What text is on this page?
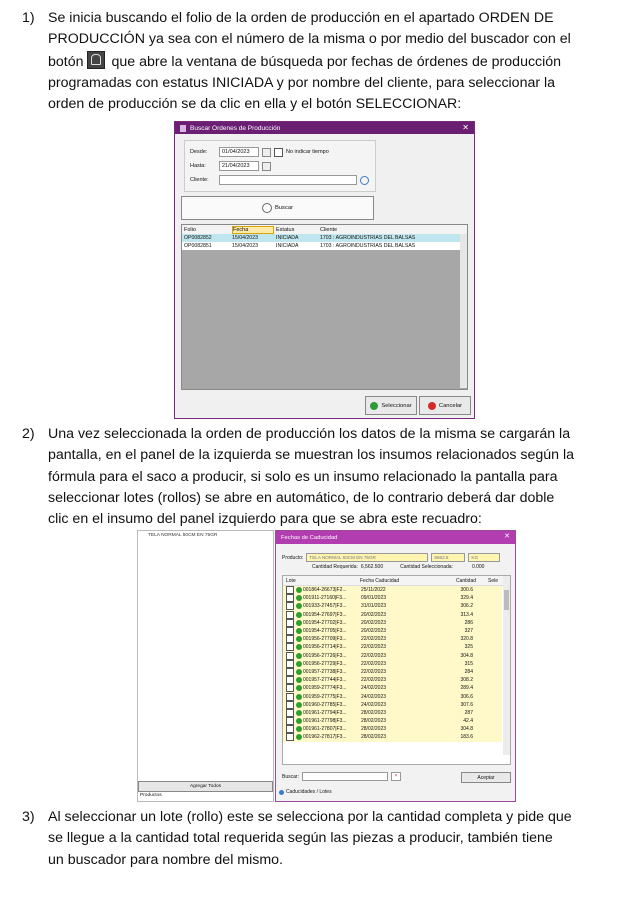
1) Se inicia buscando el folio de la orden de producción en el apartado ORDEN DE
PRODUCCIÓN ya sea con el número de la misma o por medio del buscador con el
botón que abre la ventana de búsqueda por fechas de órdenes de producción
programadas con estatus INICIADA y por nombre del cliente, para seleccionar la
orden de producción se da clic en ella y el botón SELECCIONAR:
Buscar Ordenes de Producción	✕
Desde:	01/04/2023	No indicar tiempo
Hasta:	21/04/2023
Cliente:
Buscar
Folio	Fecha	Estatus	Cliente
OP0082852	15/04/2023	INICIADA	1703 : AGROINDUSTRIAS DEL BALSAS
OP0082851	15/04/2023	INICIADA	1703 : AGROINDUSTRIAS DEL BALSAS
Seleccionar	Cancelar
2) Una vez seleccionada la orden de producción los datos de la misma se cargarán la
pantalla, en el panel de la izquierda se muestran los insumos relacionados según la
fórmula para el saco a producir, si solo es un insumo relacionado la pantalla para
seleccionar lotes (rollos) se abre en automático, de lo contrario deberá dar doble
clic en el insumo del panel izquierdo para que se abra este recuadro:
TELA NORMAL 50CM EN 75GR
Agregar Todos
Productos
Fechas de Caducidad	✕
Producto:	TELA NORMAL 50CM EN 75GR	6562.5	KG
Cantidad Requerida: 6,562.500	Cantidad Seleccionada:	0.000
Lote	Fecha Caducidad	Cantidad	Sele
001864-26673|F2...	25/11/2022	300.6
001911-27160|F3...	09/01/2023	329.4
001933-27457|F3...	31/01/2023	306.2
001954-27697|F3...	20/02/2023	313.4
001954-27702|F3...	20/02/2023	286
001954-27705|F3...	20/02/2023	327
001956-27709|F3...	22/02/2023	320.8
001956-27714|F3...	22/02/2023	325
001956-27726|F3...	22/02/2023	304.8
001956-27729|F3...	22/02/2023	315
001957-27738|F3...	22/02/2023	284
001957-27744|F3...	22/02/2023	308.2
001959-27774|F3...	24/02/2023	289.4
001959-27775|F3...	24/02/2023	306.6
001960-27785|F3...	24/02/2023	307.6
001961-27794|F3...	28/02/2023	287
001961-27798|F3...	28/02/2023	42.4
001961-27807|F3...	28/02/2023	304.8
001962-27817|F3...	28/02/2023	183.6
Buscar:	×	Aceptar
Caducidades / Lotes
3) Al seleccionar un lote (rollo) este se selecciona por la cantidad completa y pide que
se llegue a la cantidad total requerida según las piezas a producir, también tiene
un buscador para nombre del mismo.
